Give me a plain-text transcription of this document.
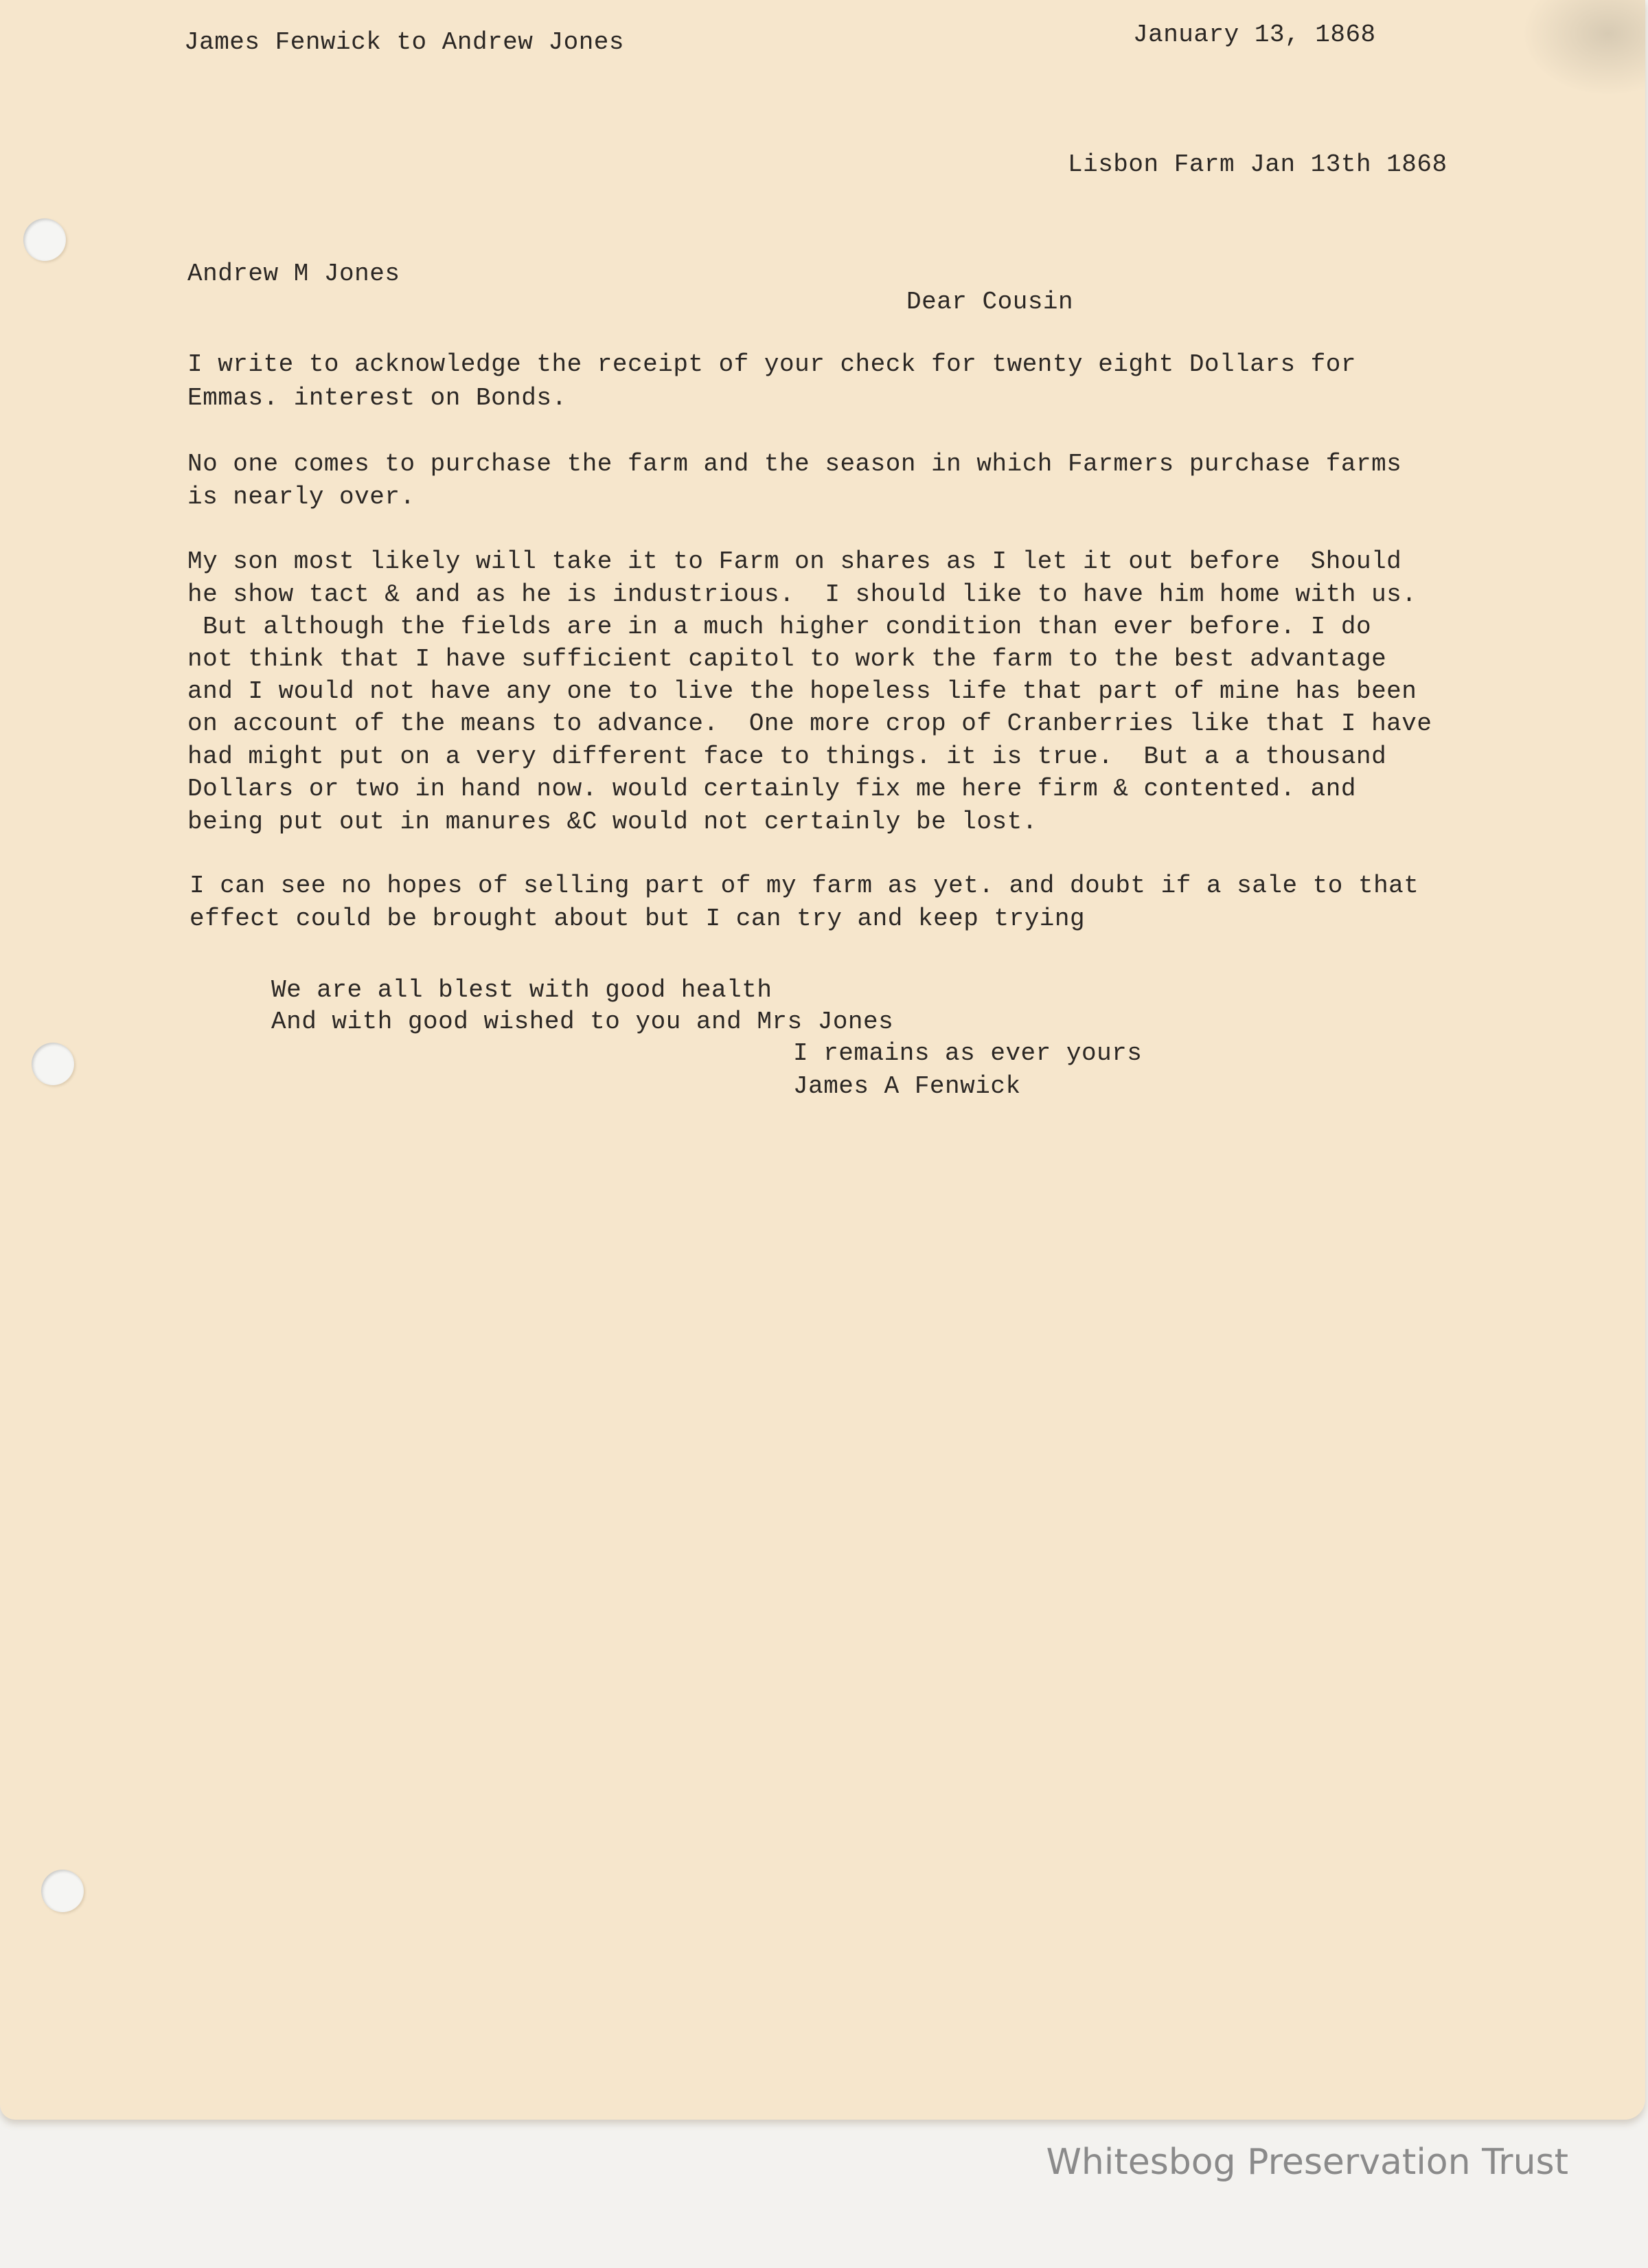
James Fenwick to Andrew Jones	January 13, 1868
Lisbon Farm Jan 13th 1868
Andrew M Jones
Dear Cousin
I write to acknowledge the receipt of your check for twenty eight Dollars for
Emmas. interest on Bonds.
No one comes to purchase the farm and the season in which Farmers purchase farms
is nearly over.
My son most likely will take it to Farm on shares as I let it out before  Should
he show tact & and as he is industrious.  I should like to have him home with us.
But although the fields are in a much higher condition than ever before. I do
not think that I have sufficient capitol to work the farm to the best advantage
and I would not have any one to live the hopeless life that part of mine has been
on account of the means to advance.  One more crop of Cranberries like that I have
had might put on a very different face to things. it is true.  But a a thousand
Dollars or two in hand now. would certainly fix me here firm & contented. and
being put out in manures &C would not certainly be lost.
I can see no hopes of selling part of my farm as yet. and doubt if a sale to that
effect could be brought about but I can try and keep trying
We are all blest with good health
And with good wished to you and Mrs Jones
I remains as ever yours
James A Fenwick
Whitesbog Preservation Trust
